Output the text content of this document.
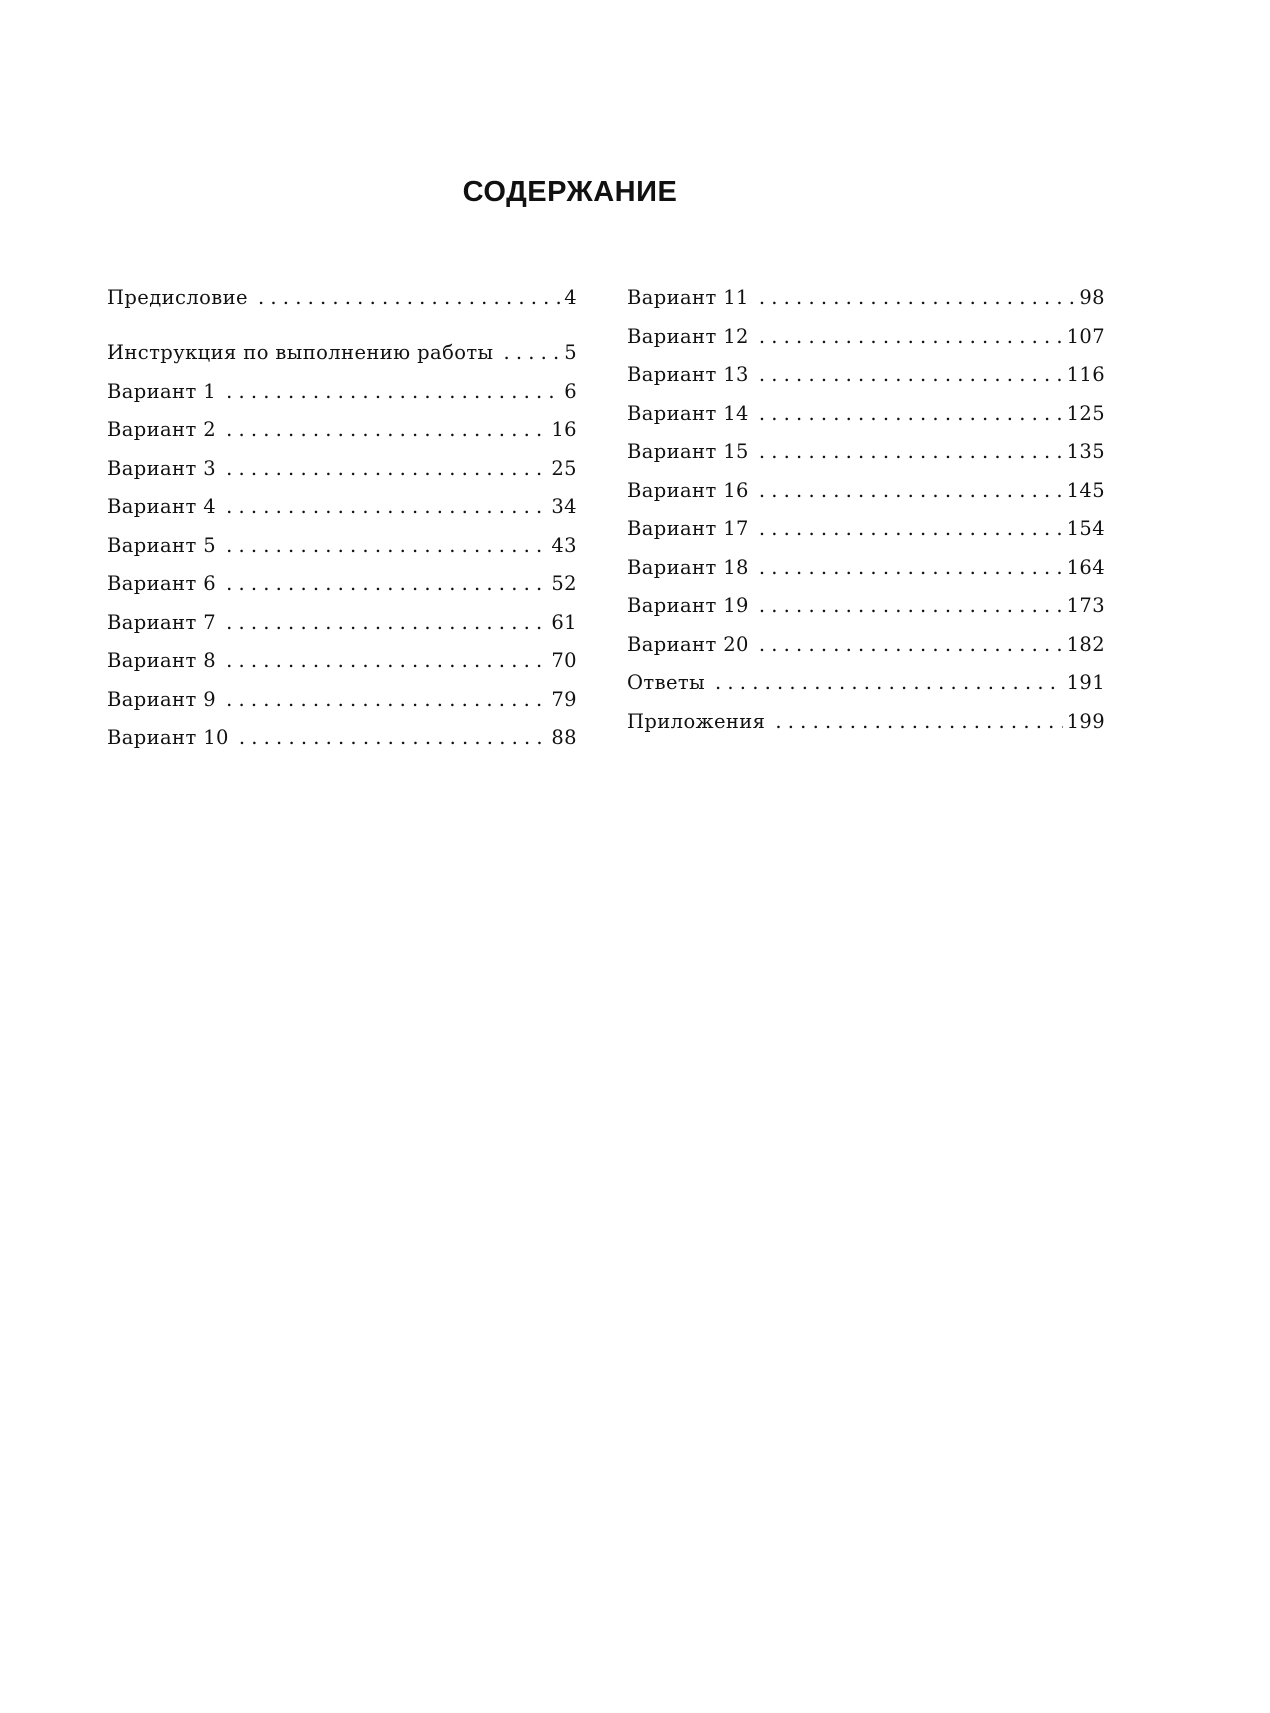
СОДЕРЖАНИЕ
Предисловие . . .	4
Инструкция по выполнению работы . . .	5
Вариант 1 . . .	6
Вариант 2 . . .	16
Вариант 3 . . .	25
Вариант 4 . . .	34
Вариант 5 . . .	43
Вариант 6 . . .	52
Вариант 7 . . .	61
Вариант 8 . . .	70
Вариант 9 . . .	79
Вариант 10 . . .	88
Вариант 11 . . .	98
Вариант 12 . . .	107
Вариант 13 . . .	116
Вариант 14 . . .	125
Вариант 15 . . .	135
Вариант 16 . . .	145
Вариант 17 . . .	154
Вариант 18 . . .	164
Вариант 19 . . .	173
Вариант 20 . . .	182
Ответы . . .	191
Приложения . . .	199
